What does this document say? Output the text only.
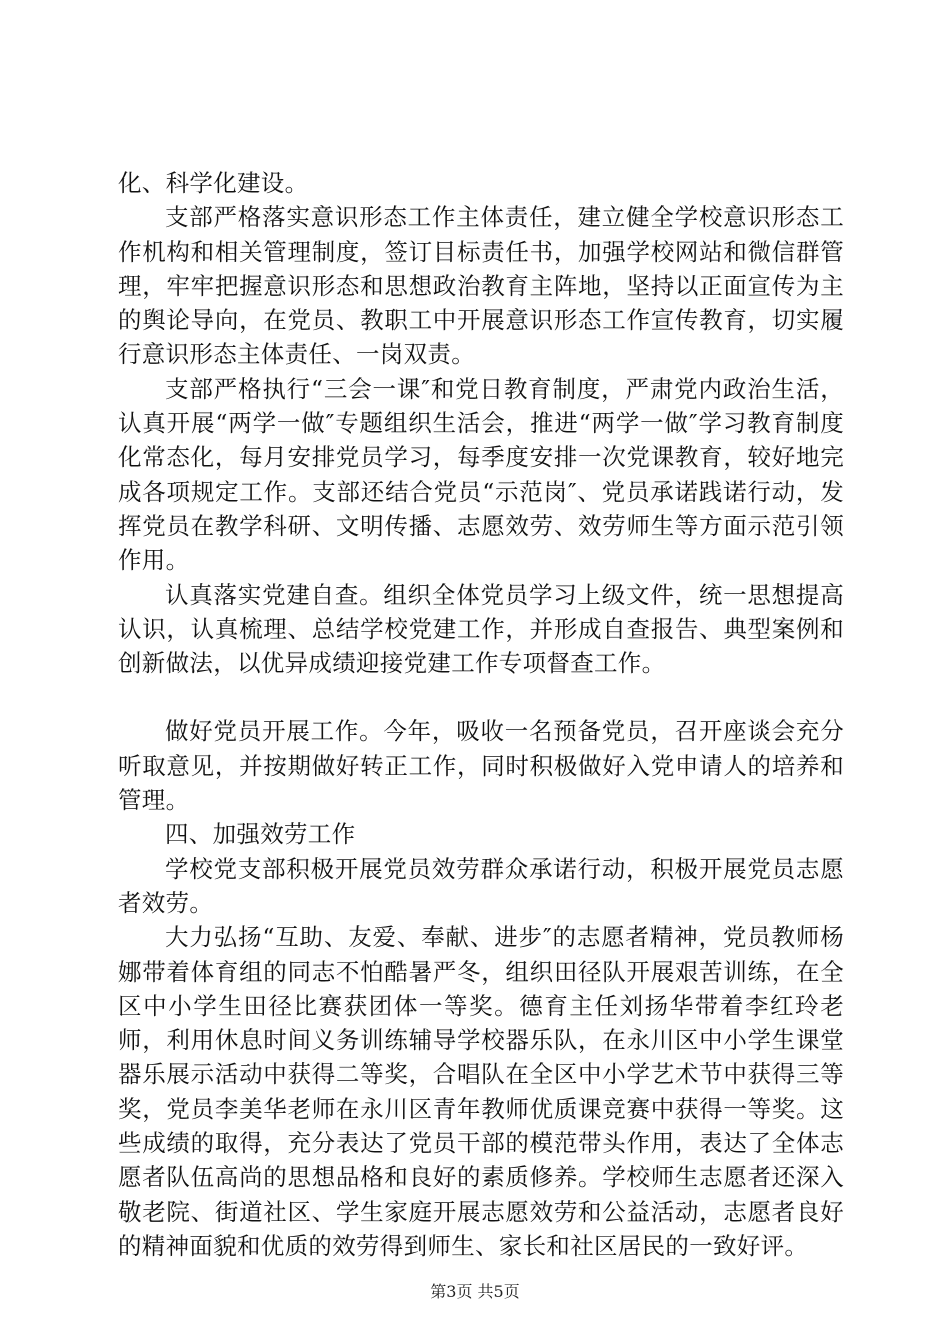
化、科学化建设。

支部严格落实意识形态工作主体责任，建立健全学校意识形态工作机构和相关管理制度，签订目标责任书，加强学校网站和微信群管理，牢牢把握意识形态和思想政治教育主阵地，坚持以正面宣传为主的舆论导向，在党员、教职工中开展意识形态工作宣传教育，切实履行意识形态主体责任、一岗双责。

支部严格执行“三会一课″和党日教育制度，严肃党内政治生活，认真开展“两学一做″专题组织生活会，推进“两学一做″学习教育制度化常态化，每月安排党员学习，每季度安排一次党课教育，较好地完成各项规定工作。支部还结合党员“示范岗″、党员承诺践诺行动，发挥党员在教学科研、文明传播、志愿效劳、效劳师生等方面示范引领作用。

认真落实党建自查。组织全体党员学习上级文件，统一思想提高认识，认真梳理、总结学校党建工作，并形成自查报告、典型案例和创新做法，以优异成绩迎接党建工作专项督查工作。

做好党员开展工作。今年，吸收一名预备党员，召开座谈会充分听取意见，并按期做好转正工作，同时积极做好入党申请人的培养和管理。

四、加强效劳工作

学校党支部积极开展党员效劳群众承诺行动，积极开展党员志愿者效劳。

大力弘扬“互助、友爱、奉献、进步″的志愿者精神，党员教师杨娜带着体育组的同志不怕酷暑严冬，组织田径队开展艰苦训练，在全区中小学生田径比赛获团体一等奖。德育主任刘扬华带着李红玲老师，利用休息时间义务训练辅导学校器乐队，在永川区中小学生课堂器乐展示活动中获得二等奖，合唱队在全区中小学艺术节中获得三等奖，党员李美华老师在永川区青年教师优质课竞赛中获得一等奖。这些成绩的取得，充分表达了党员干部的模范带头作用，表达了全体志愿者队伍高尚的思想品格和良好的素质修养。学校师生志愿者还深入敬老院、街道社区、学生家庭开展志愿效劳和公益活动，志愿者良好的精神面貌和优质的效劳得到师生、家长和社区居民的一致好评。

第3页 共5页
